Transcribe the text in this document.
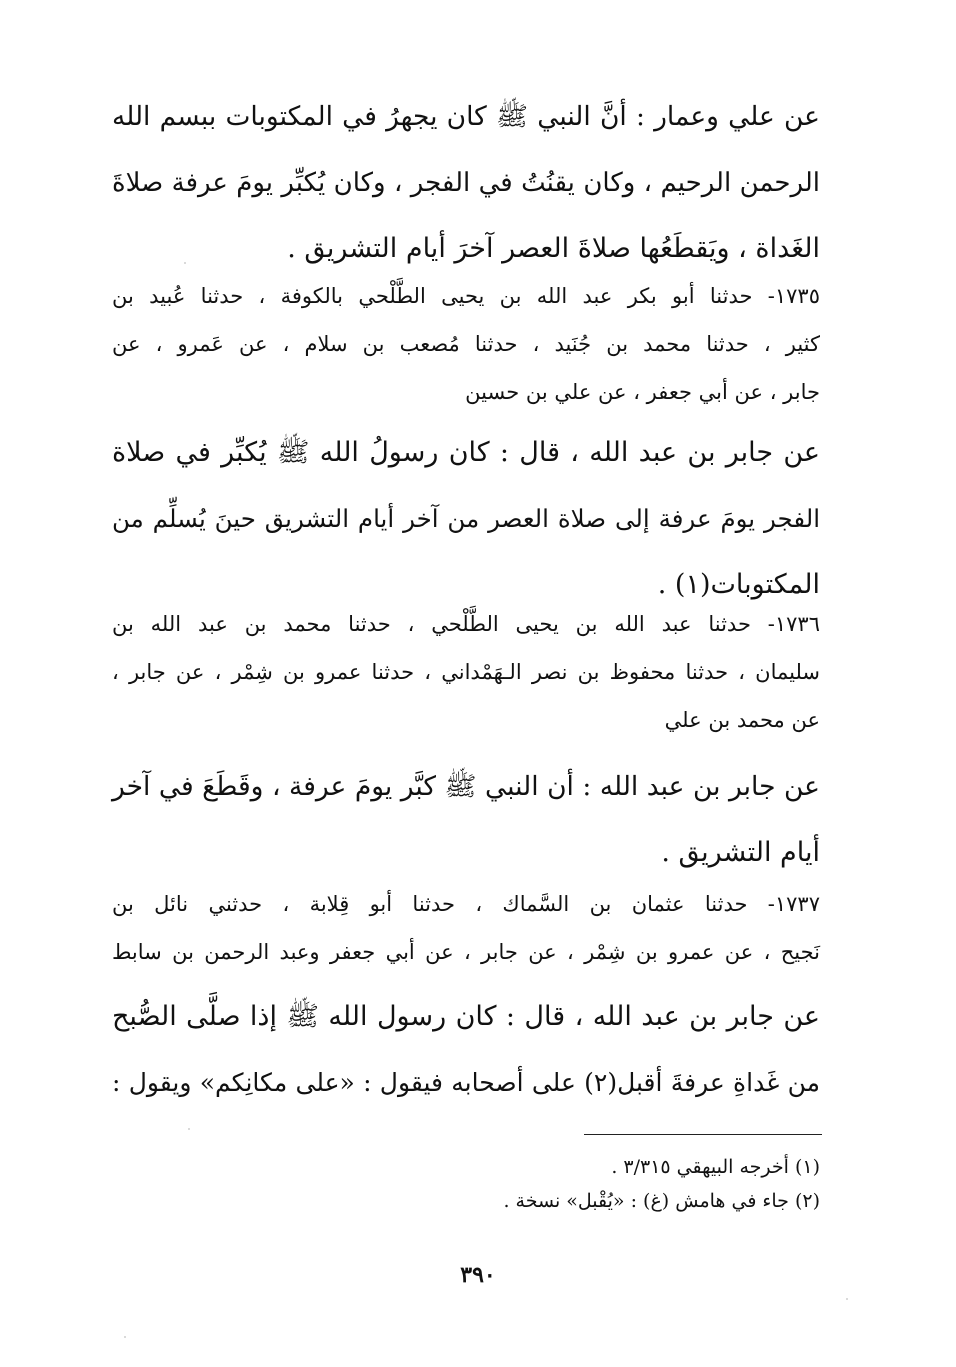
عن علي وعمار : أنَّ النبي ﷺ كان يجهرُ في المكتوبات ببسم الله
الرحمن الرحيم ، وكان يقنُتُ في الفجر ، وكان يُكبِّر يومَ عرفة صلاةَ
الغَداة ، ويَقطَعُها صلاةَ العصر آخرَ أيام التشريق .
١٧٣٥- حدثنا أبو بكر عبد الله بن يحيى الطَّلْحي بالكوفة ، حدثنا عُبيد بن
كثير ، حدثنا محمد بن جُنَيد ، حدثنا مُصعب بن سلام ، عن عَمرو ، عن
جابر ، عن أبي جعفر ، عن علي بن حسين
عن جابر بن عبد الله ، قال : كان رسولُ الله ﷺ يُكبِّر في صلاة
الفجر يومَ عرفة إلى صلاة العصر من آخر أيام التشريق حينَ يُسلِّم من
المكتوبات(١) .
١٧٣٦- حدثنا عبد الله بن يحيى الطَّلْحي ، حدثنا محمد بن عبد الله بن
سليمان ، حدثنا محفوظ بن نصر الـهَمْداني ، حدثنا عمرو بن شِمْر ، عن جابر ،
عن محمد بن علي
عن جابر بن عبد الله : أن النبي ﷺ كبَّر يومَ عرفة ، وقَطَعَ في آخر
أيام التشريق .
١٧٣٧- حدثنا عثمان بن السَّماك ، حدثنا أبو قِلابة ، حدثني نائل بن
نَجيح ، عن عمرو بن شِمْر ، عن جابر ، عن أبي جعفر وعبد الرحمن بن سابط
عن جابر بن عبد الله ، قال : كان رسول الله ﷺ إذا صلَّى الصُّبح
من غَداةِ عرفةَ أقبل(٢) على أصحابه فيقول : «على مكانِكم» ويقول :
(١) أخرجه البيهقي ٣/٣١٥ .
(٢) جاء في هامش (غ) : «يُقْبل» نسخة .
٣٩٠
